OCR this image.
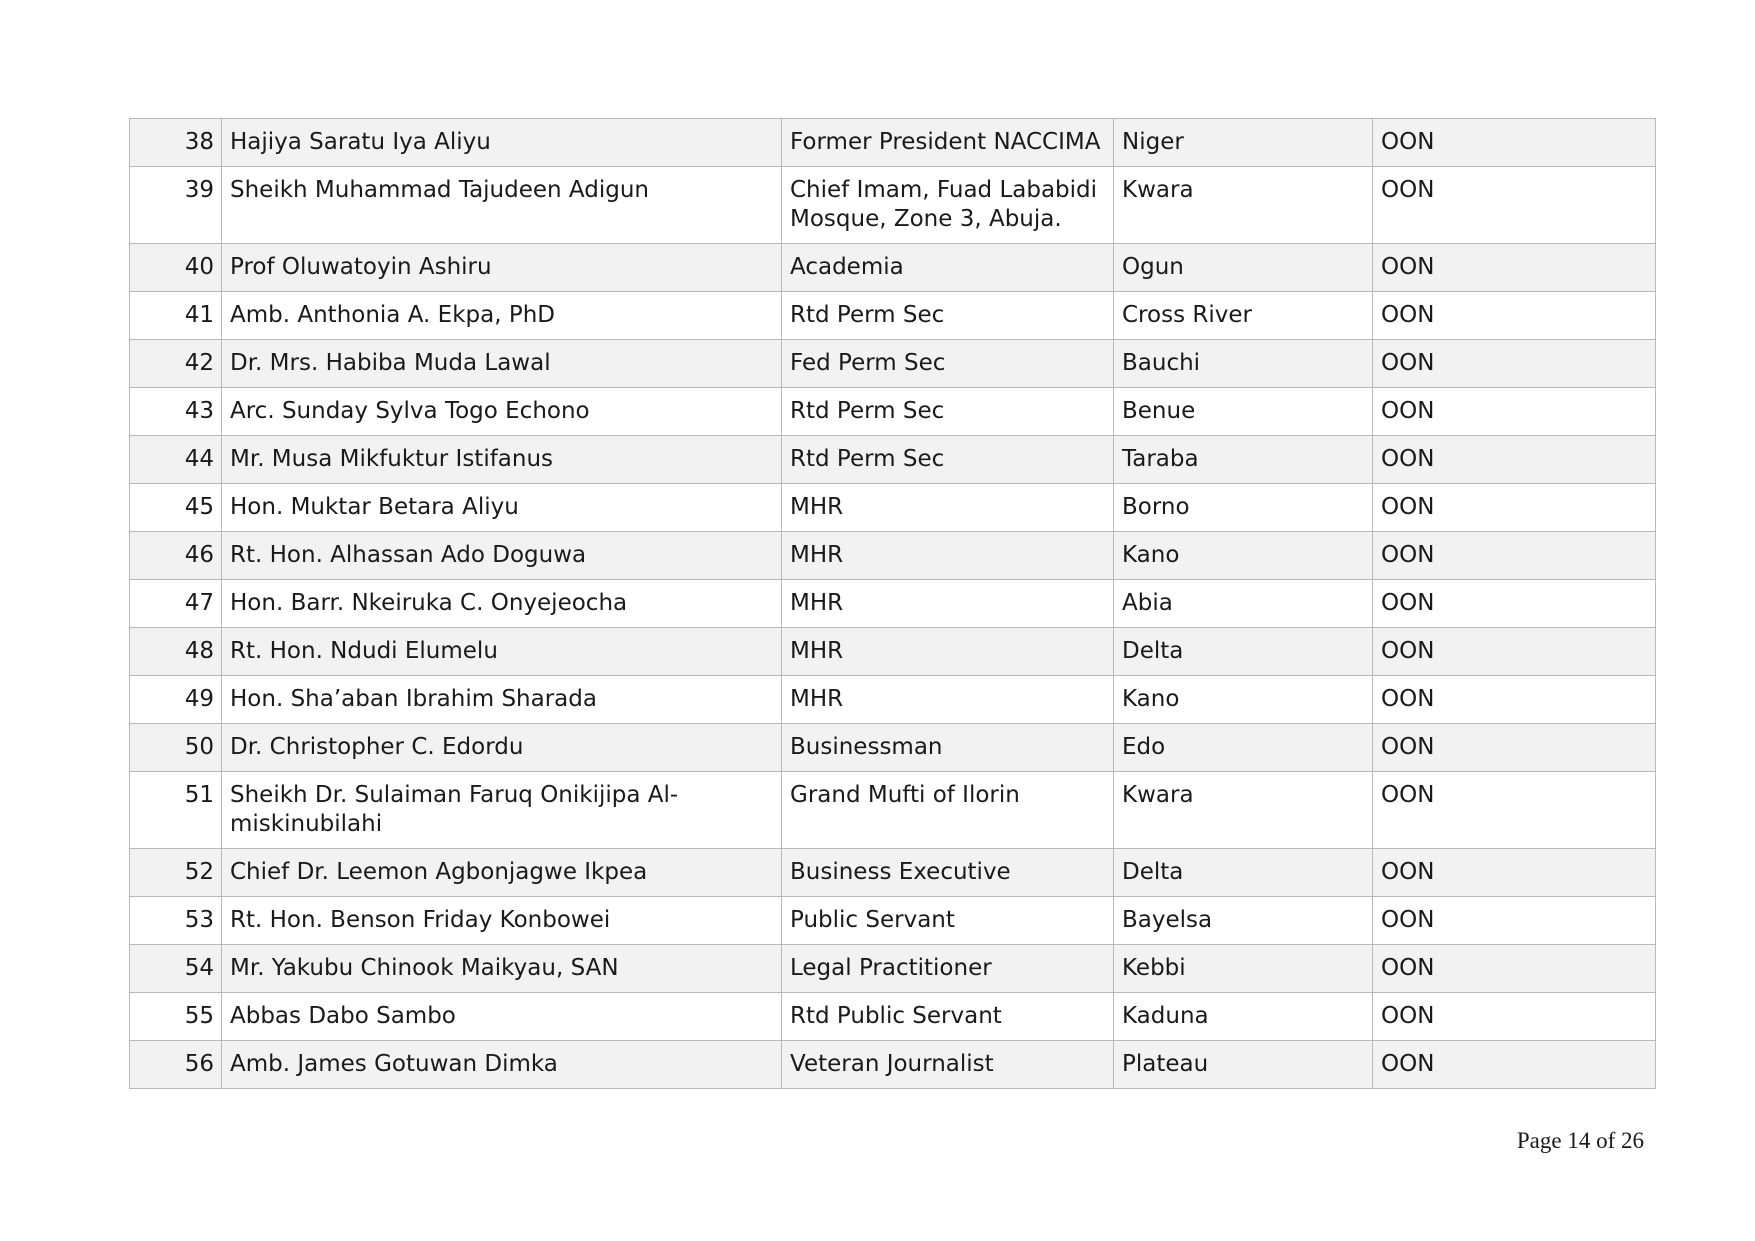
38	Hajiya Saratu Iya Aliyu	Former President NACCIMA	Niger	OON
39	Sheikh Muhammad Tajudeen Adigun	Chief Imam, Fuad Lababidi Mosque, Zone 3, Abuja.	Kwara	OON
40	Prof Oluwatoyin Ashiru	Academia	Ogun	OON
41	Amb. Anthonia A. Ekpa, PhD	Rtd Perm Sec	Cross River	OON
42	Dr. Mrs. Habiba Muda Lawal	Fed Perm Sec	Bauchi	OON
43	Arc. Sunday Sylva Togo Echono	Rtd Perm Sec	Benue	OON
44	Mr. Musa Mikfuktur Istifanus	Rtd Perm Sec	Taraba	OON
45	Hon. Muktar Betara Aliyu	MHR	Borno	OON
46	Rt. Hon. Alhassan Ado Doguwa	MHR	Kano	OON
47	Hon. Barr. Nkeiruka C. Onyejeocha	MHR	Abia	OON
48	Rt. Hon. Ndudi Elumelu	MHR	Delta	OON
49	Hon. Sha’aban Ibrahim Sharada	MHR	Kano	OON
50	Dr. Christopher C. Edordu	Businessman	Edo	OON
51	Sheikh Dr. Sulaiman Faruq Onikijipa Al-miskinubilahi	Grand Mufti of Ilorin	Kwara	OON
52	Chief Dr. Leemon Agbonjagwe Ikpea	Business Executive	Delta	OON
53	Rt. Hon. Benson Friday Konbowei	Public Servant	Bayelsa	OON
54	Mr. Yakubu Chinook Maikyau, SAN	Legal Practitioner	Kebbi	OON
55	Abbas Dabo Sambo	Rtd Public Servant	Kaduna	OON
56	Amb. James Gotuwan Dimka	Veteran Journalist	Plateau	OON
Page 14 of 26
